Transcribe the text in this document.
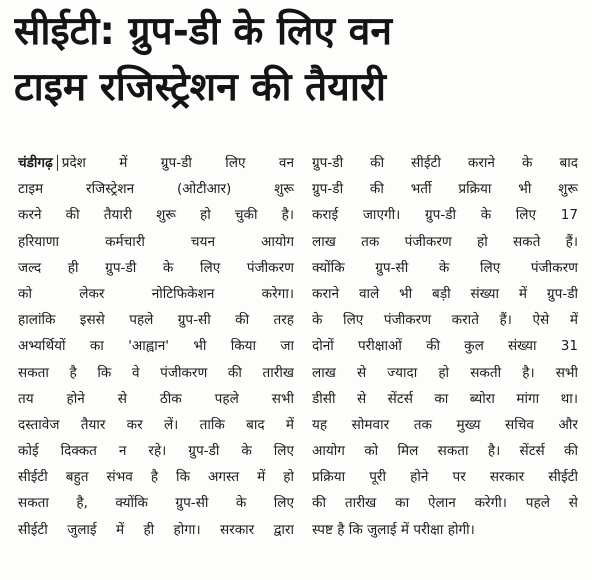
सीईटी: ग्रुप-डी के लिए वन
टाइम रजिस्ट्रेशन की तैयारी
चंडीगढ़ प्रदेश में ग्रुप-डी लिए वन
टाइम रजिस्ट्रेशन (ओटीआर) शुरू
करने की तैयारी शुरू हो चुकी है।
हरियाणा कर्मचारी चयन आयोग
जल्द ही ग्रुप-डी के लिए पंजीकरण
को लेकर नोटिफिकेशन करेगा।
हालांकि इससे पहले ग्रुप-सी की तरह
अभ्यर्थियों का 'आह्वान' भी किया जा
सकता है कि वे पंजीकरण की तारीख
तय होने से ठीक पहले सभी
दस्तावेज तैयार कर लें। ताकि बाद में
कोई दिक्कत न रहे। ग्रुप-डी के लिए
सीईटी बहुत संभव है कि अगस्त में हो
सकता है, क्योंकि ग्रुप-सी के लिए
सीईटी जुलाई में ही होगा। सरकार द्वारा
ग्रुप-डी की सीईटी कराने के बाद
ग्रुप-डी की भर्ती प्रक्रिया भी शुरू
कराई जाएगी। ग्रुप-डी के लिए 17
लाख तक पंजीकरण हो सकते हैं।
क्योंकि ग्रुप-सी के लिए पंजीकरण
कराने वाले भी बड़ी संख्या में ग्रुप-डी
के लिए पंजीकरण कराते हैं। ऐसे में
दोनों परीक्षाओं की कुल संख्या 31
लाख से ज्यादा हो सकती है। सभी
डीसी से सेंटर्स का ब्योरा मांगा था।
यह सोमवार तक मुख्य सचिव और
आयोग को मिल सकता है। सेंटर्स की
प्रक्रिया पूरी होने पर सरकार सीईटी
की तारीख का ऐलान करेगी। पहले से
स्पष्ट है कि जुलाई में परीक्षा होगी।
